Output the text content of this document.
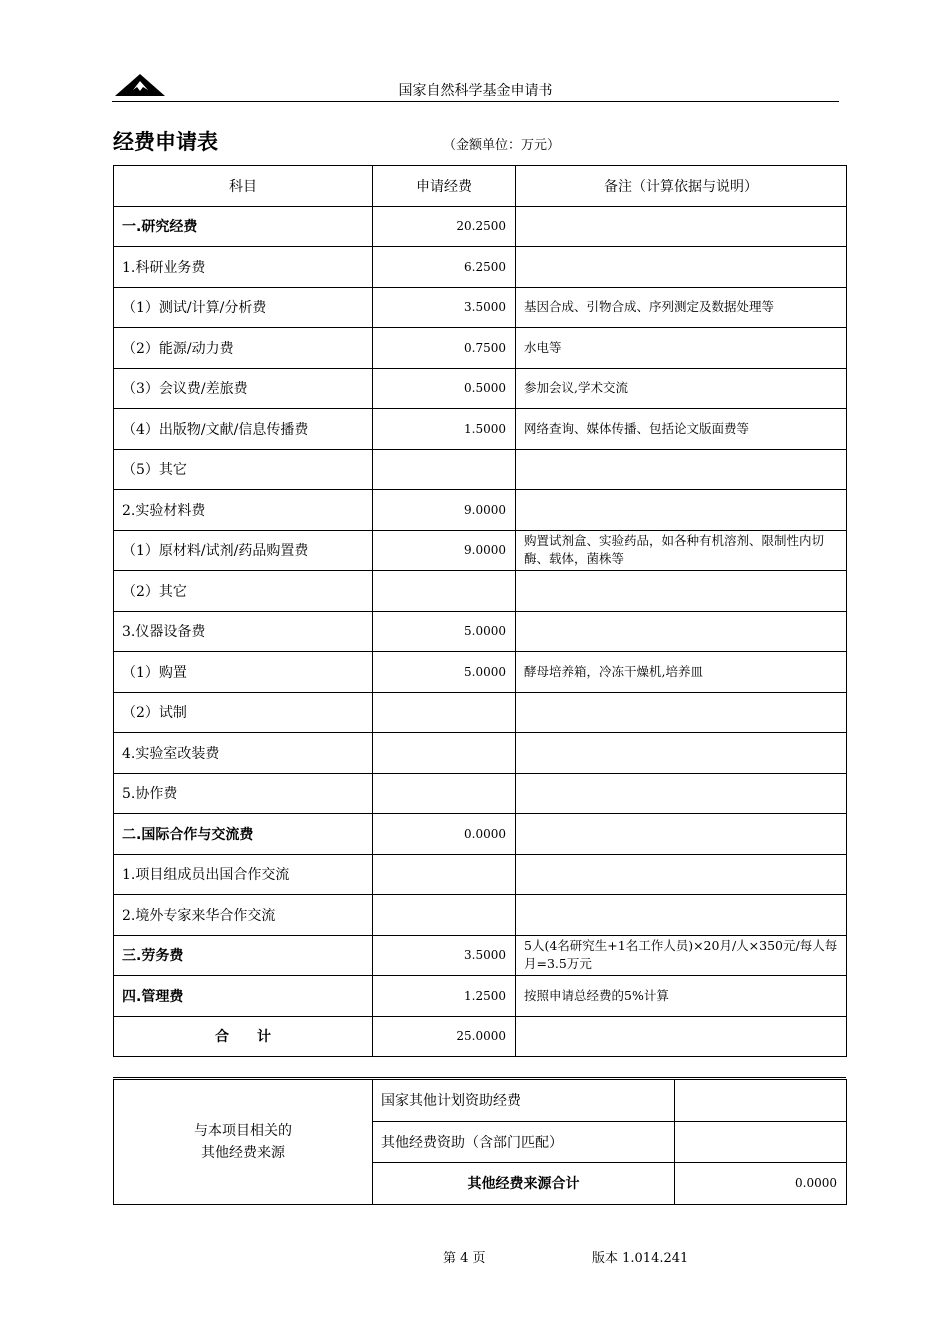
国家自然科学基金申请书
经费申请表	（金额单位：万元）
科目	申请经费	备注（计算依据与说明）
一.研究经费	20.2500	
1.科研业务费	6.2500	
（1）测试/计算/分析费	3.5000	基因合成、引物合成、序列测定及数据处理等
（2）能源/动力费	0.7500	水电等
（3）会议费/差旅费	0.5000	参加会议,学术交流
（4）出版物/文献/信息传播费	1.5000	网络查询、媒体传播、包括论文版面费等
（5）其它		
2.实验材料费	9.0000	
（1）原材料/试剂/药品购置费	9.0000	购置试剂盒、实验药品，如各种有机溶剂、限制性内切酶、载体，菌株等
（2）其它		
3.仪器设备费	5.0000	
（1）购置	5.0000	酵母培养箱，冷冻干燥机,培养皿
（2）试制		
4.实验室改装费		
5.协作费		
二.国际合作与交流费	0.0000	
1.项目组成员出国合作交流		
2.境外专家来华合作交流		
三.劳务费	3.5000	5人(4名研究生+1名工作人员)×20月/人×350元/每人每月=3.5万元
四.管理费	1.2500	按照申请总经费的5%计算
合　　计	25.0000	
与本项目相关的
其他经费来源	国家其他计划资助经费	
	其他经费资助（含部门匹配）	
	其他经费来源合计	0.0000
第 4 页	版本 1.014.241
